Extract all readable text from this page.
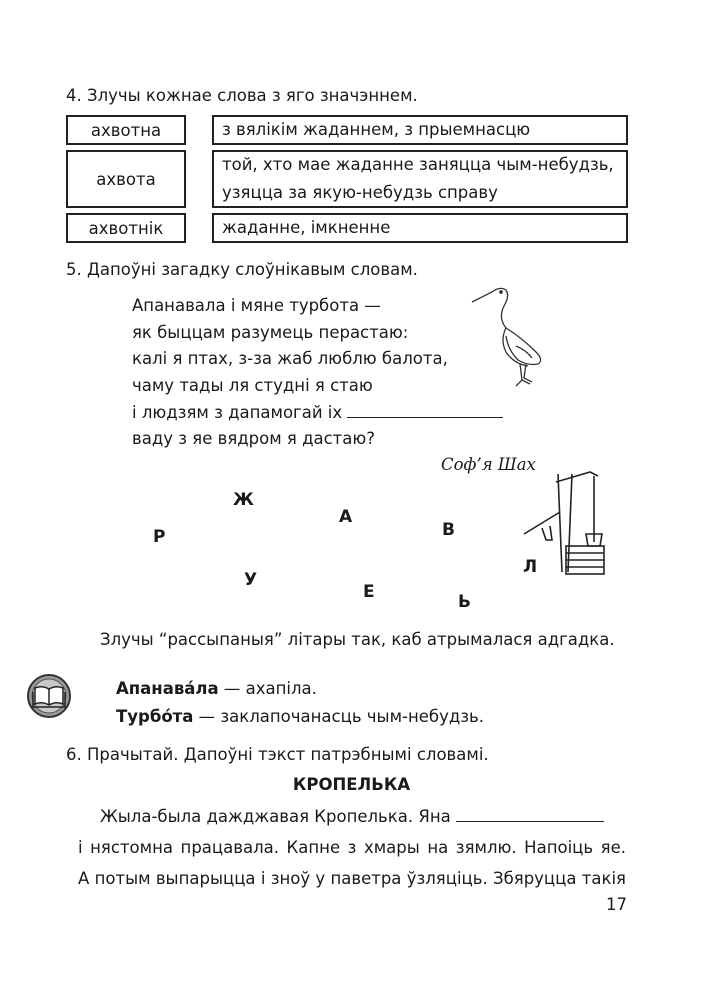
4. Злучы кожнае слова з яго значэннем.
ахвотна
ахвота
ахвотнік
з вялікім жаданнем, з прыемнасцю
той, хто мае жаданне заняцца чым-небудзь,
узяцца за якую-небудзь справу
жаданне, імкненне
5. Дапоўні загадку слоўнікавым словам.
Апанавала і мяне турбота —
як быццам разумець перастаю:
калі я птах, з-за жаб люблю балота,
чаму тады ля студні я стаю
і людзям з дапамогай іх
ваду з яе вядром я дастаю?
Соф’я Шах
Ж
А
Р	В
У
Е
Л
Ь
Злучы “рассыпаныя” літары так, каб атрымалася адгадка.
Апанава́ла — ахапіла.
Турбо́та — заклапочанасць чым-небудзь.
6. Прачытай. Дапоўні тэкст патрэбнымі словамі.
КРОПЕЛЬКА
Жыла-была дажджавая Кропелька. Яна
і нястомна працавала. Капне з хмары на зямлю. Напоіць яе.
А потым выпарыцца і зноў у паветра ўзляціць. Збяруцца такія
17
